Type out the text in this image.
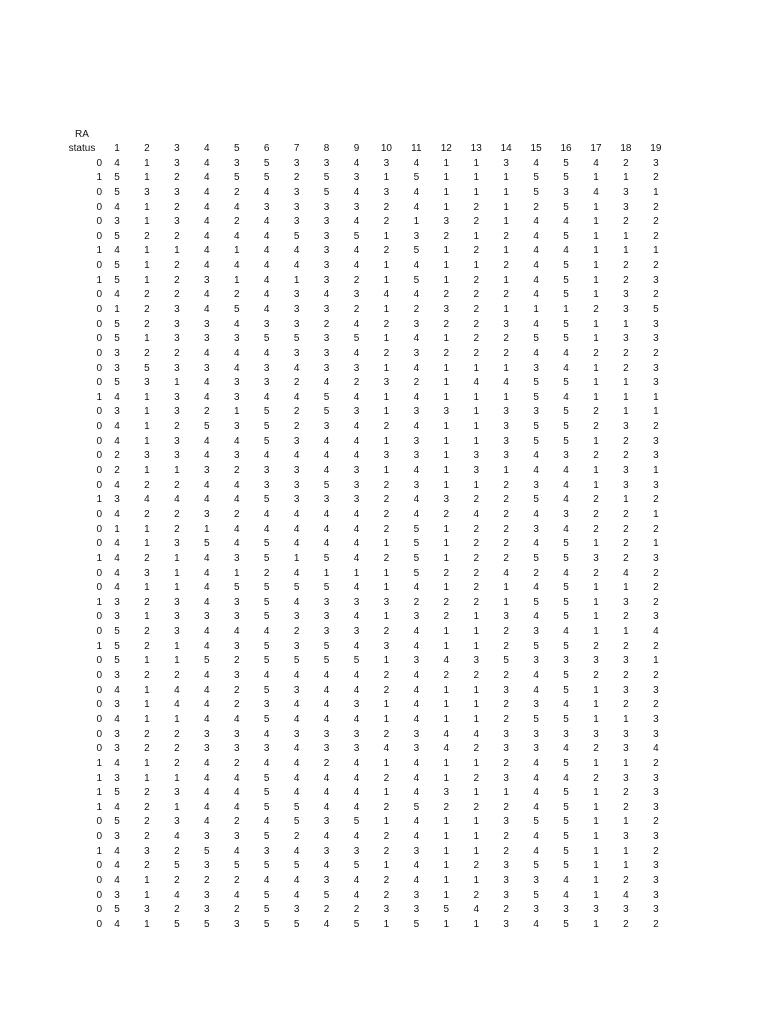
RA																			
status	1	2	3	4	5	6	7	8	9	10	11	12	13	14	15	16	17	18	19
0	4	1	3	4	3	5	3	3	4	3	4	1	1	3	4	5	4	2	3
1	5	1	2	4	5	5	2	5	3	1	5	1	1	1	5	5	1	1	2
0	5	3	3	4	2	4	3	5	4	3	4	1	1	1	5	3	4	3	1
0	4	1	2	4	4	3	3	3	3	2	4	1	2	1	2	5	1	3	2
0	3	1	3	4	2	4	3	3	4	2	1	3	2	1	4	4	1	2	2
0	5	2	2	4	4	4	5	3	5	1	3	2	1	2	4	5	1	1	2
1	4	1	1	4	1	4	4	3	4	2	5	1	2	1	4	4	1	1	1
0	5	1	2	4	4	4	4	3	4	1	4	1	1	2	4	5	1	2	2
1	5	1	2	3	1	4	1	3	2	1	5	1	2	1	4	5	1	2	3
0	4	2	2	4	2	4	3	4	3	4	4	2	2	2	4	5	1	3	2
0	1	2	3	4	5	4	3	3	2	1	2	3	2	1	1	1	2	3	5
0	5	2	3	3	4	3	3	2	4	2	3	2	2	3	4	5	1	1	3
0	5	1	3	3	3	5	5	3	5	1	4	1	2	2	5	5	1	3	3
0	3	2	2	4	4	4	3	3	4	2	3	2	2	2	4	4	2	2	2
0	3	5	3	3	4	3	4	3	3	1	4	1	1	1	3	4	1	2	3
0	5	3	1	4	3	3	2	4	2	3	2	1	4	4	5	5	1	1	3
1	4	1	3	4	3	4	4	5	4	1	4	1	1	1	5	4	1	1	1
0	3	1	3	2	1	5	2	5	3	1	3	3	1	3	3	5	2	1	1
0	4	1	2	5	3	5	2	3	4	2	4	1	1	3	5	5	2	3	2
0	4	1	3	4	4	5	3	4	4	1	3	1	1	3	5	5	1	2	3
0	2	3	3	4	3	4	4	4	4	3	3	1	3	3	4	3	2	2	3
0	2	1	1	3	2	3	3	4	3	1	4	1	3	1	4	4	1	3	1
0	4	2	2	4	4	3	3	5	3	2	3	1	1	2	3	4	1	3	3
1	3	4	4	4	4	5	3	3	3	2	4	3	2	2	5	4	2	1	2
0	4	2	2	3	2	4	4	4	4	2	4	2	4	2	4	3	2	2	1
0	1	1	2	1	4	4	4	4	4	2	5	1	2	2	3	4	2	2	2
0	4	1	3	5	4	5	4	4	4	1	5	1	2	2	4	5	1	2	1
1	4	2	1	4	3	5	1	5	4	2	5	1	2	2	5	5	3	2	3
0	4	3	1	4	1	2	4	1	1	1	5	2	2	4	2	4	2	4	2
0	4	1	1	4	5	5	5	5	4	1	4	1	2	1	4	5	1	1	2
1	3	2	3	4	3	5	4	3	3	3	2	2	2	1	5	5	1	3	2
0	3	1	3	3	3	5	3	3	4	1	3	2	1	3	4	5	1	2	3
0	5	2	3	4	4	4	2	3	3	2	4	1	1	2	3	4	1	1	4
1	5	2	1	4	3	5	3	5	4	3	4	1	1	2	5	5	2	2	2
0	5	1	1	5	2	5	5	5	5	1	3	4	3	5	3	3	3	3	1
0	3	2	2	4	3	4	4	4	4	2	4	2	2	2	4	5	2	2	2
0	4	1	4	4	2	5	3	4	4	2	4	1	1	3	4	5	1	3	3
0	3	1	4	4	2	3	4	4	3	1	4	1	1	2	3	4	1	2	2
0	4	1	1	4	4	5	4	4	4	1	4	1	1	2	5	5	1	1	3
0	3	2	2	3	3	4	3	3	3	2	3	4	4	3	3	3	3	3	3
0	3	2	2	3	3	3	4	3	3	4	3	4	2	3	3	4	2	3	4
1	4	1	2	4	2	4	4	2	4	1	4	1	1	2	4	5	1	1	2
1	3	1	1	4	4	5	4	4	4	2	4	1	2	3	4	4	2	3	3
1	5	2	3	4	4	5	4	4	4	1	4	3	1	1	4	5	1	2	3
1	4	2	1	4	4	5	5	4	4	2	5	2	2	2	4	5	1	2	3
0	5	2	3	4	2	4	5	3	5	1	4	1	1	3	5	5	1	1	2
0	3	2	4	3	3	5	2	4	4	2	4	1	1	2	4	5	1	3	3
1	4	3	2	5	4	3	4	3	3	2	3	1	1	2	4	5	1	1	2
0	4	2	5	3	5	5	5	4	5	1	4	1	2	3	5	5	1	1	3
0	4	1	2	2	2	4	4	3	4	2	4	1	1	3	3	4	1	2	3
0	3	1	4	3	4	5	4	5	4	2	3	1	2	3	5	4	1	4	3
0	5	3	2	3	2	5	3	2	2	3	3	5	4	2	3	3	3	3	3
0	4	1	5	5	3	5	5	4	5	1	5	1	1	3	4	5	1	2	2
